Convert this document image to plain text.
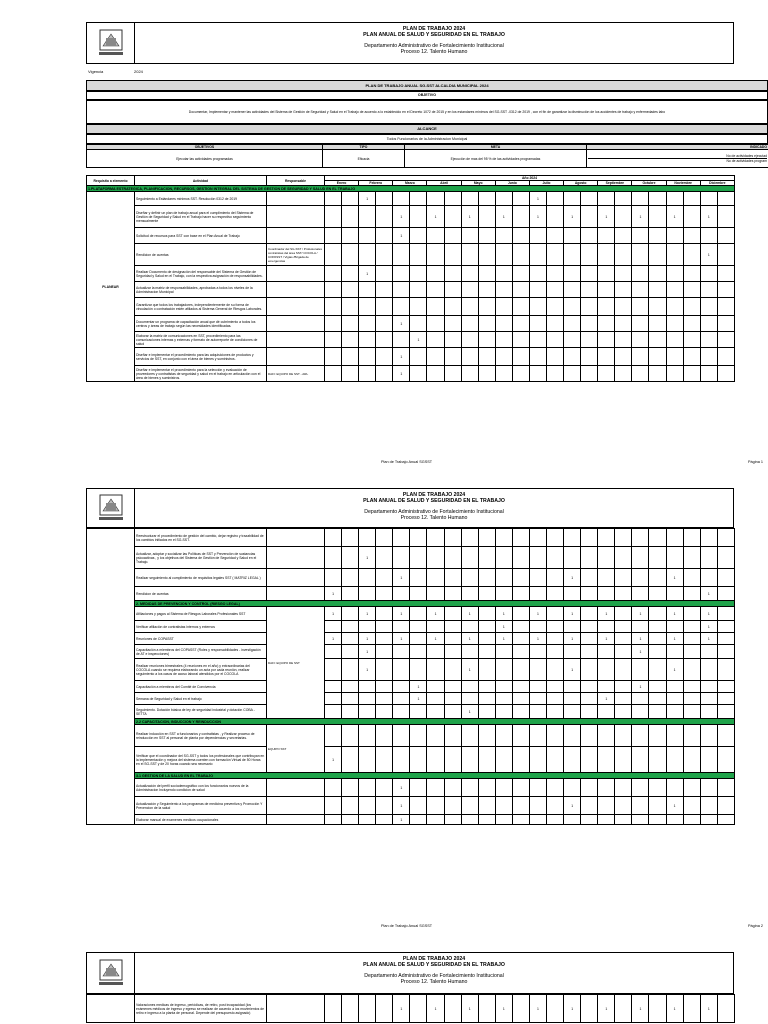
PLAN DE TRABAJO 2024
PLAN ANUAL DE SALUD Y SEGURIDAD EN EL TRABAJO
Departamento Administrativo de Fortalecimiento Institucional
Proceso 12. Talento Humano
Vigencia	2024
PLAN DE TRABAJO ANUAL SG-SST ALCALDIA MUNICIPAL 2024
OBJETIVO
Documentar, Implementar y mantener las actividades del Sistema de Gestión de Seguridad y Salud en el Trabajo de acuerdo a lo establecido en el Decreto 1072 de 2015 y en los estandares mínimos del SG-SST -0312 de 2019 , con el fin de garantizar la disminución de los accidentes de trabajo y enfermedades labo
ALCANCE
Todos Funcionarios de la Administracion Municipal
OBJETIVOS	TIPO	META	INDICADO
Ejecutar las actividades programadas	Eficacia	Ejecución de mas del 95 % de las actividades programadas	No de actividades ejecutad
No de actividades program
Requisito a elemento	Actividad	Responsable	Año 2024																							
			Enero		Febrero		Marzo		Abril		Mayo		Junio		Julio		Agosto		Septiembre		Octubre		Noviembre		Diciembre	
1.PLATAFORMA ESTRATEGICA, PLANIFICACION, RECURSOS, GESTION INTEGRAL DEL SISTEMA DE GESTION DE SEGURIDAD Y SALUD EN EL TRABAJO																										
PLANEAR	Seguimiento a Estándares mínimos SST. Resolución 0312 de 2019				1										1											
	Diseñar y definir un plan de trabajo anual para el cumplimiento del Sistema de Gestión de Seguridad y Salud en el Trabajo hacer su respectivo seguimiento mensualmente						1		1		1		1		1		1		1		1		1		1	
	Solicitud de recursos para SST con base en el Plan Anual de Trabajo						1																			
	Rendicion de cuentas	Coordinador del SG-SST / Profesionales contratistas del área SST/ COCOLA / COPASST / Vigias /Brigada de emergencias																							1	
	Realizar Documento de designación del responsable del Sistema de Gestión de Seguridad y Salud en el Trabajo, con la respectiva asignación de responsabilidades.				1																					
	Actualizar la matriz de responsabilidades, aprobadas a todos los niveles de la Administracion Municipal																									
	Garantizar que todos los trabajadores, independientemente de su forma de vinculación o contratación estén afiliados al Sistema General de Riesgos Laborales.																									
	Documentar un programa de capacitación anual que dé cubrimiento a todos los centros y áreas de trabajo según las necesidades identificadas.						1																			
	Elaborar la matriz de comunicaciones en SST, procedimiento para las comunicaciones internas y externas y formato de autorreporte de condiciones de salud							1																		
	Diseñar e implementar el procedimiento para las adquisiciones de productos y servicios de SST, en conjunto con el área de bienes y suministros.						1																			
	Diseñar e implementar el procedimiento para la selección y evaluación de proveedores y contratistas de seguridad y salud en el trabajo en articulación con el área de bienes y suministros.	DAFI: EQUIPO DE SST - ARL					1																			
Plan de Trabajo Anual SGSST	Página 1
PLAN DE TRABAJO 2024
PLAN ANUAL DE SALUD Y SEGURIDAD EN EL TRABAJO
Departamento Administrativo de Fortalecimiento Institucional
Proceso 12. Talento Humano
	Reestructurar el procedimiento de gestión del cambio, dejar registro y trazabilidad de los cambios initiados en el SG-SST.																									
	Actualizar, adoptar y socializar las Políticas de SST y Prevención de sustancias psicoactivas , y los objetivos del Sistema de Gestión de Seguridad y Salud en el Trabajo.				1																					
	Realizar seguimiento al cumplimiento de requisitos legales SST ( MATRIZ LEGAL )						1										1						1			
	Rendicion de cuentas		1																						1	
	2. MEDIDAS DE PREVENCION Y CONTROL (RIESGO LEGAL)																									
	Afiliaciones y pagos al Sistema de Riesgos Laborales Profesionales SST	DAFI: EQUIPO DE SST	1		1		1		1		1		1		1		1		1		1		1		1	
	Verificar afiliación de contratistas internos y externos												1												1	
	Reuniones de COPASST		1		1		1		1		1		1		1		1		1		1		1		1	
	Capacitación a miembros del COPASST (Roles y responsabilidades - investigación de AT e inspecciones)				1																1					
	Realizar reuniones bimestrales (4 reuniones en el año) y extraordinarias del COCOLA cuando se requiera elaborando un acta por cada reunión, realizar seguimiento a los casos de acoso laboral atendidos por el COCOLA				1						1						1						1			
	Capacitación a miembros del Comité de Convivencia							1													1					
	Semana de Seguridad y Salud en el trabajo							1											1							
	Seguimiento. Dotación básica de ley de seguridad industrial y dotación COBA -SETTA										1															
	2.2 CAPACITACION, INDUCCION Y REINDUCCION																									
	Realizar inducción en SST a funcionarios y contratistas , y Realizar proceso de reinducción en SST al personal de planta por dependencias y secretarias.	EQUIPO SST																								
	Verificar que el coordinador del SG-SST y todos los profesionales que contribuyan en la implementación y mejora del sistema cuenten con formación Virtual de 50 Horas en el SG-SST y de 20 horas cuando sea necesario		1																							
	3.1 GESTION DE LA SALUD EN EL TRABAJO																									
	Actualización del perfil sociodemográfico con los funcionarios nuevos de la Administracion Incluyendo condicion de salud						1																			
	Actualización y Seguimiento a los programas de medicina preventiva y Promoción Y Prevencion de la salud						1										1						1			
	Elaborar manual de examenes medicos ocupacionales						1																			
Plan de Trabajo Anual SGSST	Página 2
PLAN DE TRABAJO 2024
PLAN ANUAL DE SALUD Y SEGURIDAD EN EL TRABAJO
Departamento Administrativo de Fortalecimiento Institucional
Proceso 12. Talento Humano
	Valoraciones medicas de ingreso, periódicas, de retiro, post incapacidad (los exámenes médicos de ingreso y egreso se realizan de acuerdo a los movimientos de retiro e ingreso a la planta de personal. Depende del presupuesto asignado)						1		1		1		1		1		1		1		1		1		1	
